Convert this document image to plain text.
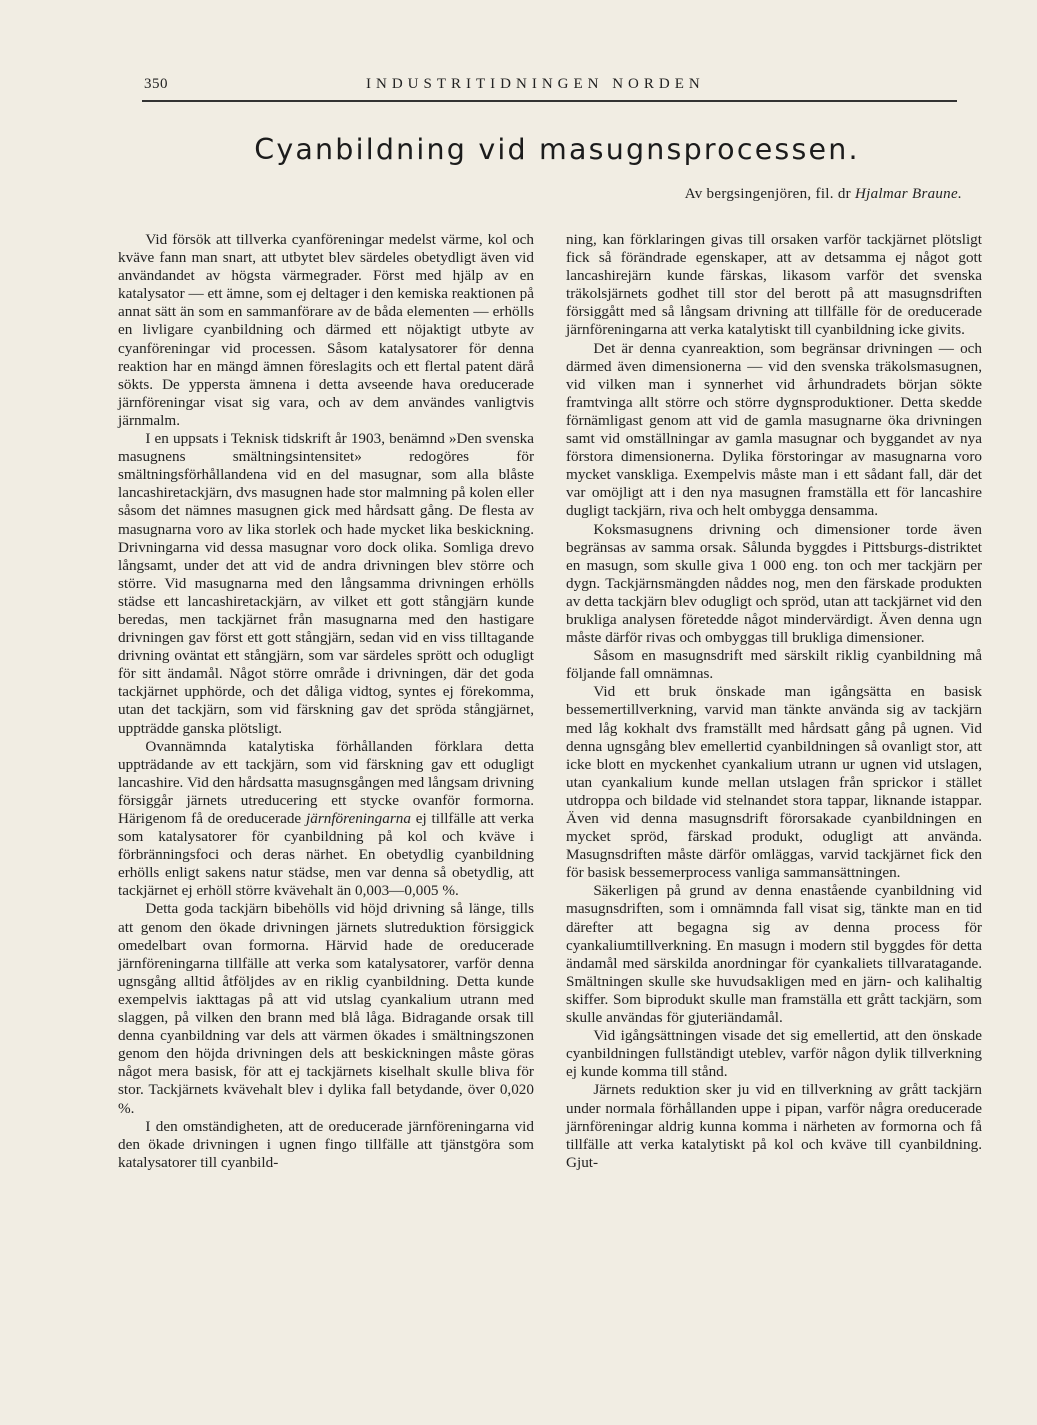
350	INDUSTRITIDNINGEN NORDEN
Cyanbildning vid masugnsprocessen.
Av bergsingenjören, fil. dr Hjalmar Braune.

Vid försök att tillverka cyanföreningar medelst värme, kol och kväve fann man snart, att utbytet blev särdeles obetydligt även vid användandet av högsta värmegrader. Först med hjälp av en katalysator — ett ämne, som ej deltager i den kemiska reaktionen på annat sätt än som en sammanförare av de båda elementen — erhölls en livligare cyanbildning och därmed ett nöjaktigt utbyte av cyanföreningar vid processen. Såsom katalysatorer för denna reaktion har en mängd ämnen föreslagits och ett flertal patent därå sökts. De yppersta ämnena i detta avseende hava oreducerade järnföreningar visat sig vara, och av dem användes vanligtvis järnmalm.

I en uppsats i Teknisk tidskrift år 1903, benämnd »Den svenska masugnens smältningsintensitet» redogöres för smältningsförhållandena vid en del masugnar, som alla blåste lancashiretackjärn, dvs masugnen hade stor malmning på kolen eller såsom det nämnes masugnen gick med hårdsatt gång. De flesta av masugnarna voro av lika storlek och hade mycket lika beskickning. Drivningarna vid dessa masugnar voro dock olika. Somliga drevo långsamt, under det att vid de andra drivningen blev större och större. Vid masugnarna med den långsamma drivningen erhölls städse ett lancashiretackjärn, av vilket ett gott stångjärn kunde beredas, men tackjärnet från masugnarna med den hastigare drivningen gav först ett gott stångjärn, sedan vid en viss tilltagande drivning oväntat ett stångjärn, som var särdeles sprött och odugligt för sitt ändamål. Något större område i drivningen, där det goda tackjärnet upphörde, och det dåliga vidtog, syntes ej förekomma, utan det tackjärn, som vid färskning gav det spröda stångjärnet, uppträdde ganska plötsligt.

Ovannämnda katalytiska förhållanden förklara detta uppträdande av ett tackjärn, som vid färskning gav ett odugligt lancashire. Vid den hårdsatta masugnsgången med långsam drivning försiggår järnets utreducering ett stycke ovanför formorna. Härigenom få de oreducerade järnföreningarna ej tillfälle att verka som katalysatorer för cyanbildning på kol och kväve i förbränningsfoci och deras närhet. En obetydlig cyanbildning erhölls enligt sakens natur städse, men var denna så obetydlig, att tackjärnet ej erhöll större kvävehalt än 0,003—0,005 %.

Detta goda tackjärn bibehölls vid höjd drivning så länge, tills att genom den ökade drivningen järnets slutreduktion försiggick omedelbart ovan formorna. Härvid hade de oreducerade järnföreningarna tillfälle att verka som katalysatorer, varför denna ugnsgång alltid åtföljdes av en riklig cyanbildning. Detta kunde exempelvis iakttagas på att vid utslag cyankalium utrann med slaggen, på vilken den brann med blå låga. Bidragande orsak till denna cyanbildning var dels att värmen ökades i smältningszonen genom den höjda drivningen dels att beskickningen måste göras något mera basisk, för att ej tackjärnets kiselhalt skulle bliva för stor. Tackjärnets kvävehalt blev i dylika fall betydande, över 0,020 %.

I den omständigheten, att de oreducerade järnföreningarna vid den ökade drivningen i ugnen fingo tillfälle att tjänstgöra som katalysatorer till cyanbild-

ning, kan förklaringen givas till orsaken varför tackjärnet plötsligt fick så förändrade egenskaper, att av detsamma ej något gott lancashirejärn kunde färskas, likasom varför det svenska träkolsjärnets godhet till stor del berott på att masugnsdriften försiggått med så långsam drivning att tillfälle för de oreducerade järnföreningarna att verka katalytiskt till cyanbildning icke givits.

Det är denna cyanreaktion, som begränsar drivningen — och därmed även dimensionerna — vid den svenska träkolsmasugnen, vid vilken man i synnerhet vid århundradets början sökte framtvinga allt större och större dygnsproduktioner. Detta skedde förnämligast genom att vid de gamla masugnarne öka drivningen samt vid omställningar av gamla masugnar och byggandet av nya förstora dimensionerna. Dylika förstoringar av masugnarna voro mycket vanskliga. Exempelvis måste man i ett sådant fall, där det var omöjligt att i den nya masugnen framställa ett för lancashire dugligt tackjärn, riva och helt ombygga densamma.

Koksmasugnens drivning och dimensioner torde även begränsas av samma orsak. Sålunda byggdes i Pittsburgs-distriktet en masugn, som skulle giva 1 000 eng. ton och mer tackjärn per dygn. Tackjärnsmängden nåddes nog, men den färskade produkten av detta tackjärn blev odugligt och spröd, utan att tackjärnet vid den brukliga analysen företedde något mindervärdigt. Även denna ugn måste därför rivas och ombyggas till brukliga dimensioner.

Såsom en masugnsdrift med särskilt riklig cyanbildning må följande fall omnämnas.

Vid ett bruk önskade man igångsätta en basisk bessemertillverkning, varvid man tänkte använda sig av tackjärn med låg kokhalt dvs framställt med hårdsatt gång på ugnen. Vid denna ugnsgång blev emellertid cyanbildningen så ovanligt stor, att icke blott en myckenhet cyankalium utrann ur ugnen vid utslagen, utan cyankalium kunde mellan utslagen från sprickor i stället utdroppa och bildade vid stelnandet stora tappar, liknande istappar. Även vid denna masugnsdrift förorsakade cyanbildningen en mycket spröd, färskad produkt, odugligt att använda. Masugnsdriften måste därför omläggas, varvid tackjärnet fick den för basisk bessemerprocess vanliga sammansättningen.

Säkerligen på grund av denna enastående cyanbildning vid masugnsdriften, som i omnämnda fall visat sig, tänkte man en tid därefter att begagna sig av denna process för cyankaliumtillverkning. En masugn i modern stil byggdes för detta ändamål med särskilda anordningar för cyankaliets tillvaratagande. Smältningen skulle ske huvudsakligen med en järn- och kalihaltig skiffer. Som biprodukt skulle man framställa ett grått tackjärn, som skulle användas för gjuteriändamål.

Vid igångsättningen visade det sig emellertid, att den önskade cyanbildningen fullständigt uteblev, varför någon dylik tillverkning ej kunde komma till stånd.

Järnets reduktion sker ju vid en tillverkning av grått tackjärn under normala förhållanden uppe i pipan, varför några oreducerade järnföreningar aldrig kunna komma i närheten av formorna och få tillfälle att verka katalytiskt på kol och kväve till cyanbildning. Gjut-
